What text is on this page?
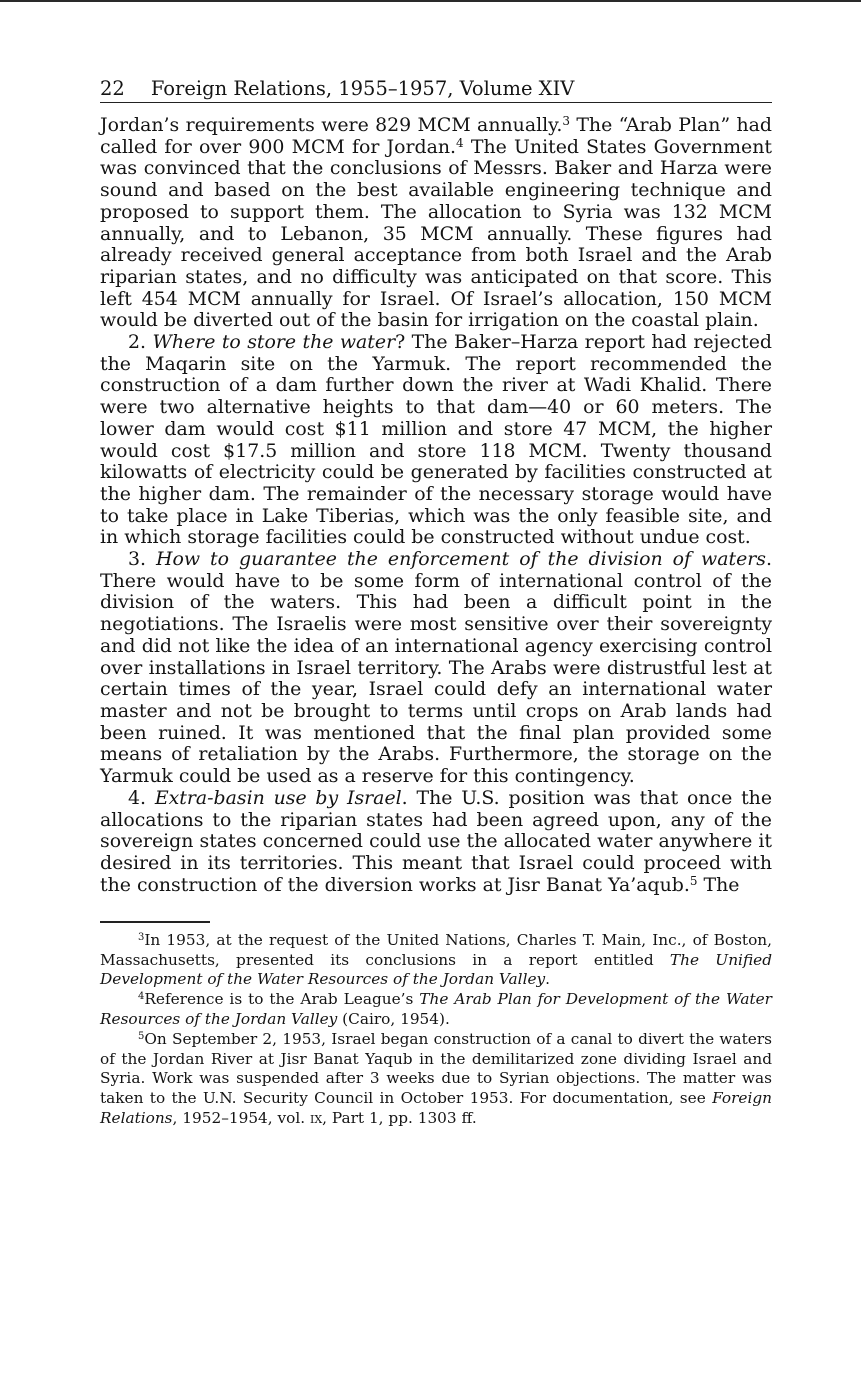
22 Foreign Relations, 1955–1957, Volume XIV

Jordan’s requirements were 829 MCM annually.$^3$ The “Arab Plan” had called for over 900 MCM for Jordan.$^4$ The United States Government was convinced that the conclusions of Messrs. Baker and Harza were sound and based on the best available engineering technique and proposed to support them. The allocation to Syria was 132 MCM annually, and to Lebanon, 35 MCM annually. These figures had already received general acceptance from both Israel and the Arab riparian states, and no difficulty was anticipated on that score. This left 454 MCM annually for Israel. Of Israel’s allocation, 150 MCM would be diverted out of the basin for irrigation on the coastal plain.

2. Where to store the water? The Baker–Harza report had rejected the Maqarin site on the Yarmuk. The report recommended the construction of a dam further down the river at Wadi Khalid. There were two alternative heights to that dam—40 or 60 meters. The lower dam would cost $11 million and store 47 MCM, the higher would cost $17.5 million and store 118 MCM. Twenty thousand kilowatts of electricity could be generated by facilities constructed at the higher dam. The remainder of the necessary storage would have to take place in Lake Tiberias, which was the only feasible site, and in which storage facilities could be constructed without undue cost.

3. How to guarantee the enforcement of the division of waters. There would have to be some form of international control of the division of the waters. This had been a difficult point in the negotiations. The Israelis were most sensitive over their sovereignty and did not like the idea of an international agency exercising control over installations in Israel territory. The Arabs were distrustful lest at certain times of the year, Israel could defy an international water master and not be brought to terms until crops on Arab lands had been ruined. It was mentioned that the final plan provided some means of retaliation by the Arabs. Furthermore, the storage on the Yarmuk could be used as a reserve for this contingency.

4. Extra-basin use by Israel. The U.S. position was that once the allocations to the riparian states had been agreed upon, any of the sovereign states concerned could use the allocated water anywhere it desired in its territories. This meant that Israel could proceed with the construction of the diversion works at Jisr Banat Ya’aqub.$^5$ The

$^3$In 1953, at the request of the United Nations, Charles T. Main, Inc., of Boston, Massachusetts, presented its conclusions in a report entitled The Unified Development of the Water Resources of the Jordan Valley.

$^4$Reference is to the Arab League’s The Arab Plan for Development of the Water Resources of the Jordan Valley (Cairo, 1954).

$^5$On September 2, 1953, Israel began construction of a canal to divert the waters of the Jordan River at Jisr Banat Yaqub in the demilitarized zone dividing Israel and Syria. Work was suspended after 3 weeks due to Syrian objections. The matter was taken to the U.N. Security Council in October 1953. For documentation, see Foreign Relations, 1952–1954, vol. ix, Part 1, pp. 1303 ff.
